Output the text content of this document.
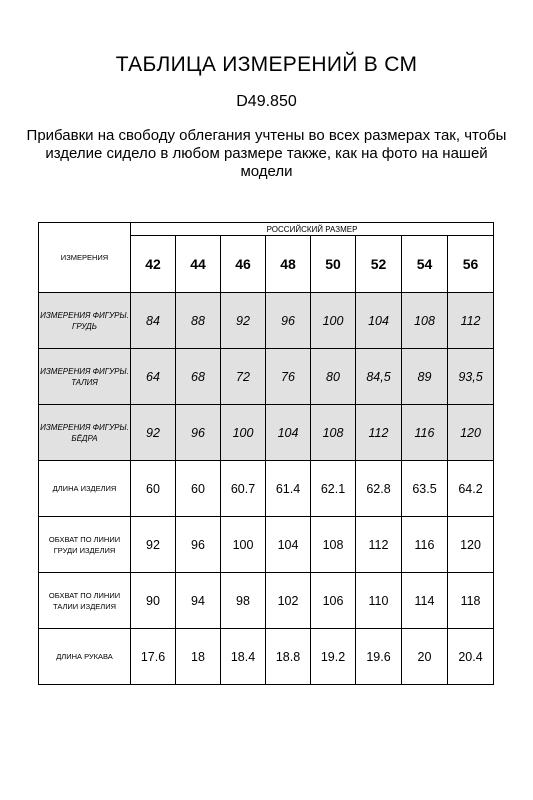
ТАБЛИЦА ИЗМЕРЕНИЙ В СМ
D49.850
Прибавки на свободу облегания учтены во всех размерах так, чтобы изделие сидело в любом размере также, как на фото на нашей модели
ИЗМЕРЕНИЯ	РОССИЙСКИЙ РАЗМЕР							
	42	44	46	48	50	52	54	56
ИЗМЕРЕНИЯ ФИГУРЫ. ГРУДЬ	84	88	92	96	100	104	108	112
ИЗМЕРЕНИЯ ФИГУРЫ. ТАЛИЯ	64	68	72	76	80	84,5	89	93,5
ИЗМЕРЕНИЯ ФИГУРЫ. БЁДРА	92	96	100	104	108	112	116	120
ДЛИНА ИЗДЕЛИЯ	60	60	60.7	61.4	62.1	62.8	63.5	64.2
ОБХВАТ ПО ЛИНИИ ГРУДИ ИЗДЕЛИЯ	92	96	100	104	108	112	116	120
ОБХВАТ ПО ЛИНИИ ТАЛИИ ИЗДЕЛИЯ	90	94	98	102	106	110	114	118
ДЛИНА РУКАВА	17.6	18	18.4	18.8	19.2	19.6	20	20.4
